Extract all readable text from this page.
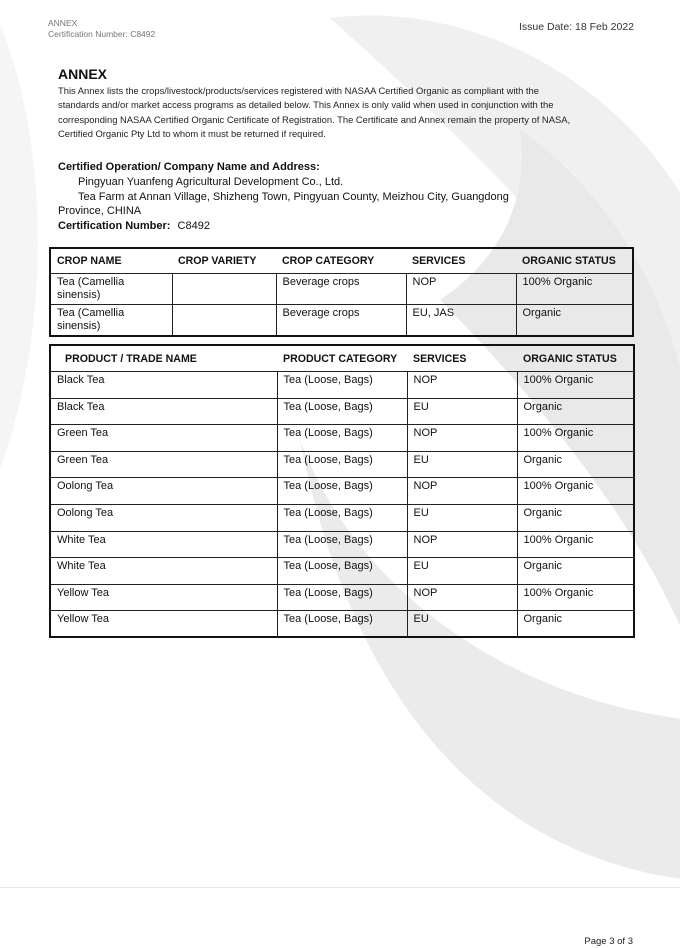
ANNEX
Certification Number: C8492
Issue Date: 18 Feb 2022
ANNEX
This Annex lists the crops/livestock/products/services registered with NASAA Certified Organic as compliant with the
standards and/or market access programs as detailed below. This Annex is only valid when used in conjunction with the
corresponding NASAA Certified Organic Certificate of Registration. The Certificate and Annex remain the property of NASA,
Certified Organic Pty Ltd to whom it must be returned if required.
Certified Operation/ Company Name and Address:
Pingyuan Yuanfeng Agricultural Development Co., Ltd.
Tea Farm at Annan Village, Shizheng Town, Pingyuan County, Meizhou City, Guangdong
Province, CHINA
Certification Number: C8492
CROP NAME	CROP VARIETY	CROP CATEGORY	SERVICES	ORGANIC STATUS
Tea (Camellia sinensis)		Beverage crops	NOP	100% Organic
Tea (Camellia sinensis)		Beverage crops	EU, JAS	Organic
PRODUCT / TRADE NAME	PRODUCT CATEGORY	SERVICES	ORGANIC STATUS
Black Tea	Tea (Loose, Bags)	NOP	100% Organic
Black Tea	Tea (Loose, Bags)	EU	Organic
Green Tea	Tea (Loose, Bags)	NOP	100% Organic
Green Tea	Tea (Loose, Bags)	EU	Organic
Oolong Tea	Tea (Loose, Bags)	NOP	100% Organic
Oolong Tea	Tea (Loose, Bags)	EU	Organic
White Tea	Tea (Loose, Bags)	NOP	100% Organic
White Tea	Tea (Loose, Bags)	EU	Organic
Yellow Tea	Tea (Loose, Bags)	NOP	100% Organic
Yellow Tea	Tea (Loose, Bags)	EU	Organic
Page 3 of 3
